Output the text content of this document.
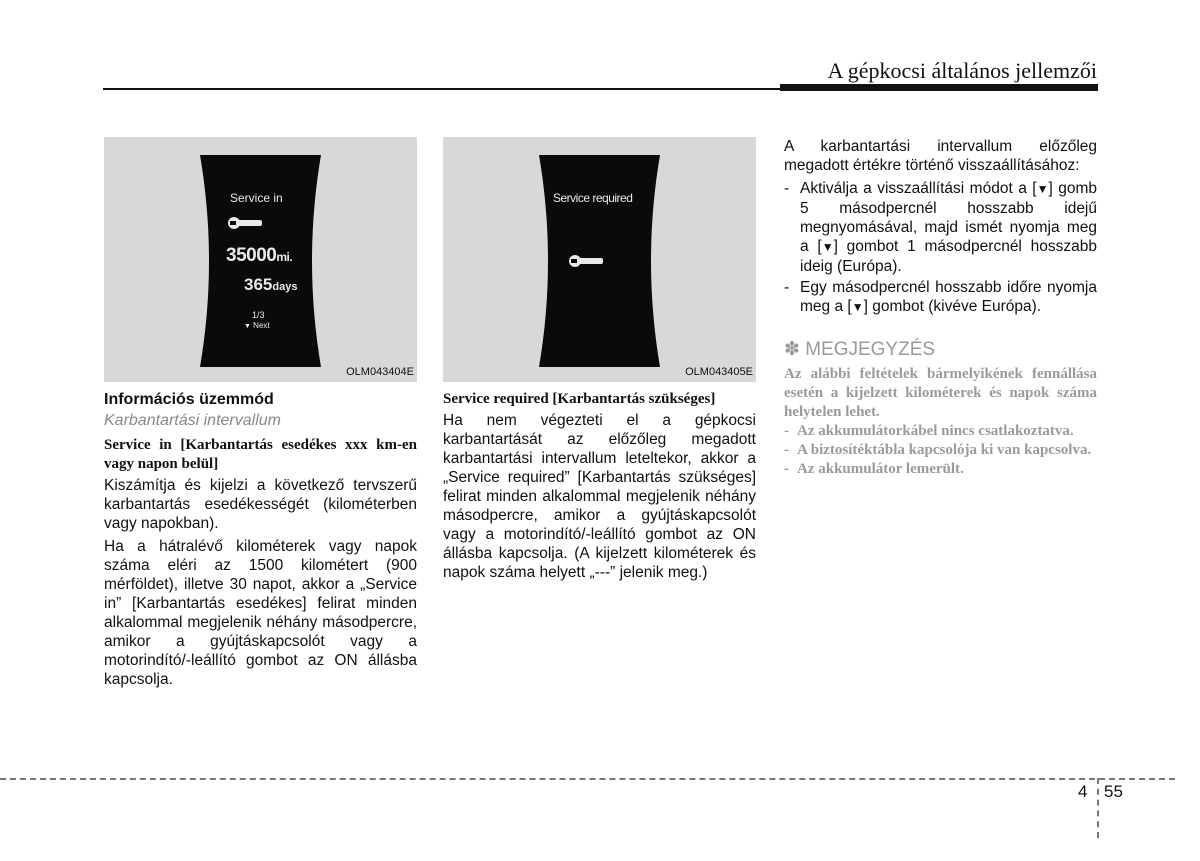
A gépkocsi általános jellemzői
Service in
35000mi.
365days
1/3
▼ Next
OLM043404E
Információs üzemmód
Karbantartási intervallum
Service in [Karbantartás esedékes xxx km-en vagy napon belül]

Kiszámítja és kijelzi a következő tervszerű karbantartás esedékességét (kilométerben vagy napokban).

Ha a hátralévő kilométerek vagy napok száma eléri az 1500 kilométert (900 mérföldet), illetve 30 napot, akkor a „Service in” [Karbantartás esedékes] felirat minden alkalommal megjelenik néhány másodpercre, amikor a gyújtáskapcsolót vagy a motorindító/-leállító gombot az ON állásba kapcsolja.

Service required
OLM043405E
Service required [Karbantartás szükséges]

Ha nem végezteti el a gépkocsi karbantartását az előzőleg megadott karbantartási intervallum leteltekor, akkor a „Service required” [Karbantartás szükséges] felirat minden alkalommal megjelenik néhány másodpercre, amikor a gyújtáskapcsolót vagy a motorindító/-leállító gombot az ON állásba kapcsolja. (A kijelzett kilométerek és napok száma helyett „---” jelenik meg.)

A karbantartási intervallum előzőleg megadott értékre történő visszaállításához:

- Aktiválja a visszaállítási módot a [▼] gomb 5 másodpercnél hosszabb idejű megnyomásával, majd ismét nyomja meg a [▼] gombot 1 másodpercnél hosszabb ideig (Európa).
- Egy másodpercnél hosszabb időre nyomja meg a [▼] gombot (kivéve Európa).
✽ MEGJEGYZÉS

Az alábbi feltételek bármelyikének fennállása esetén a kijelzett kilométerek és napok száma helytelen lehet.

- Az akkumulátorkábel nincs csatlakoztatva.
- A biztosítéktábla kapcsolója ki van kapcsolva.
- Az akkumulátor lemerült.
4 55
